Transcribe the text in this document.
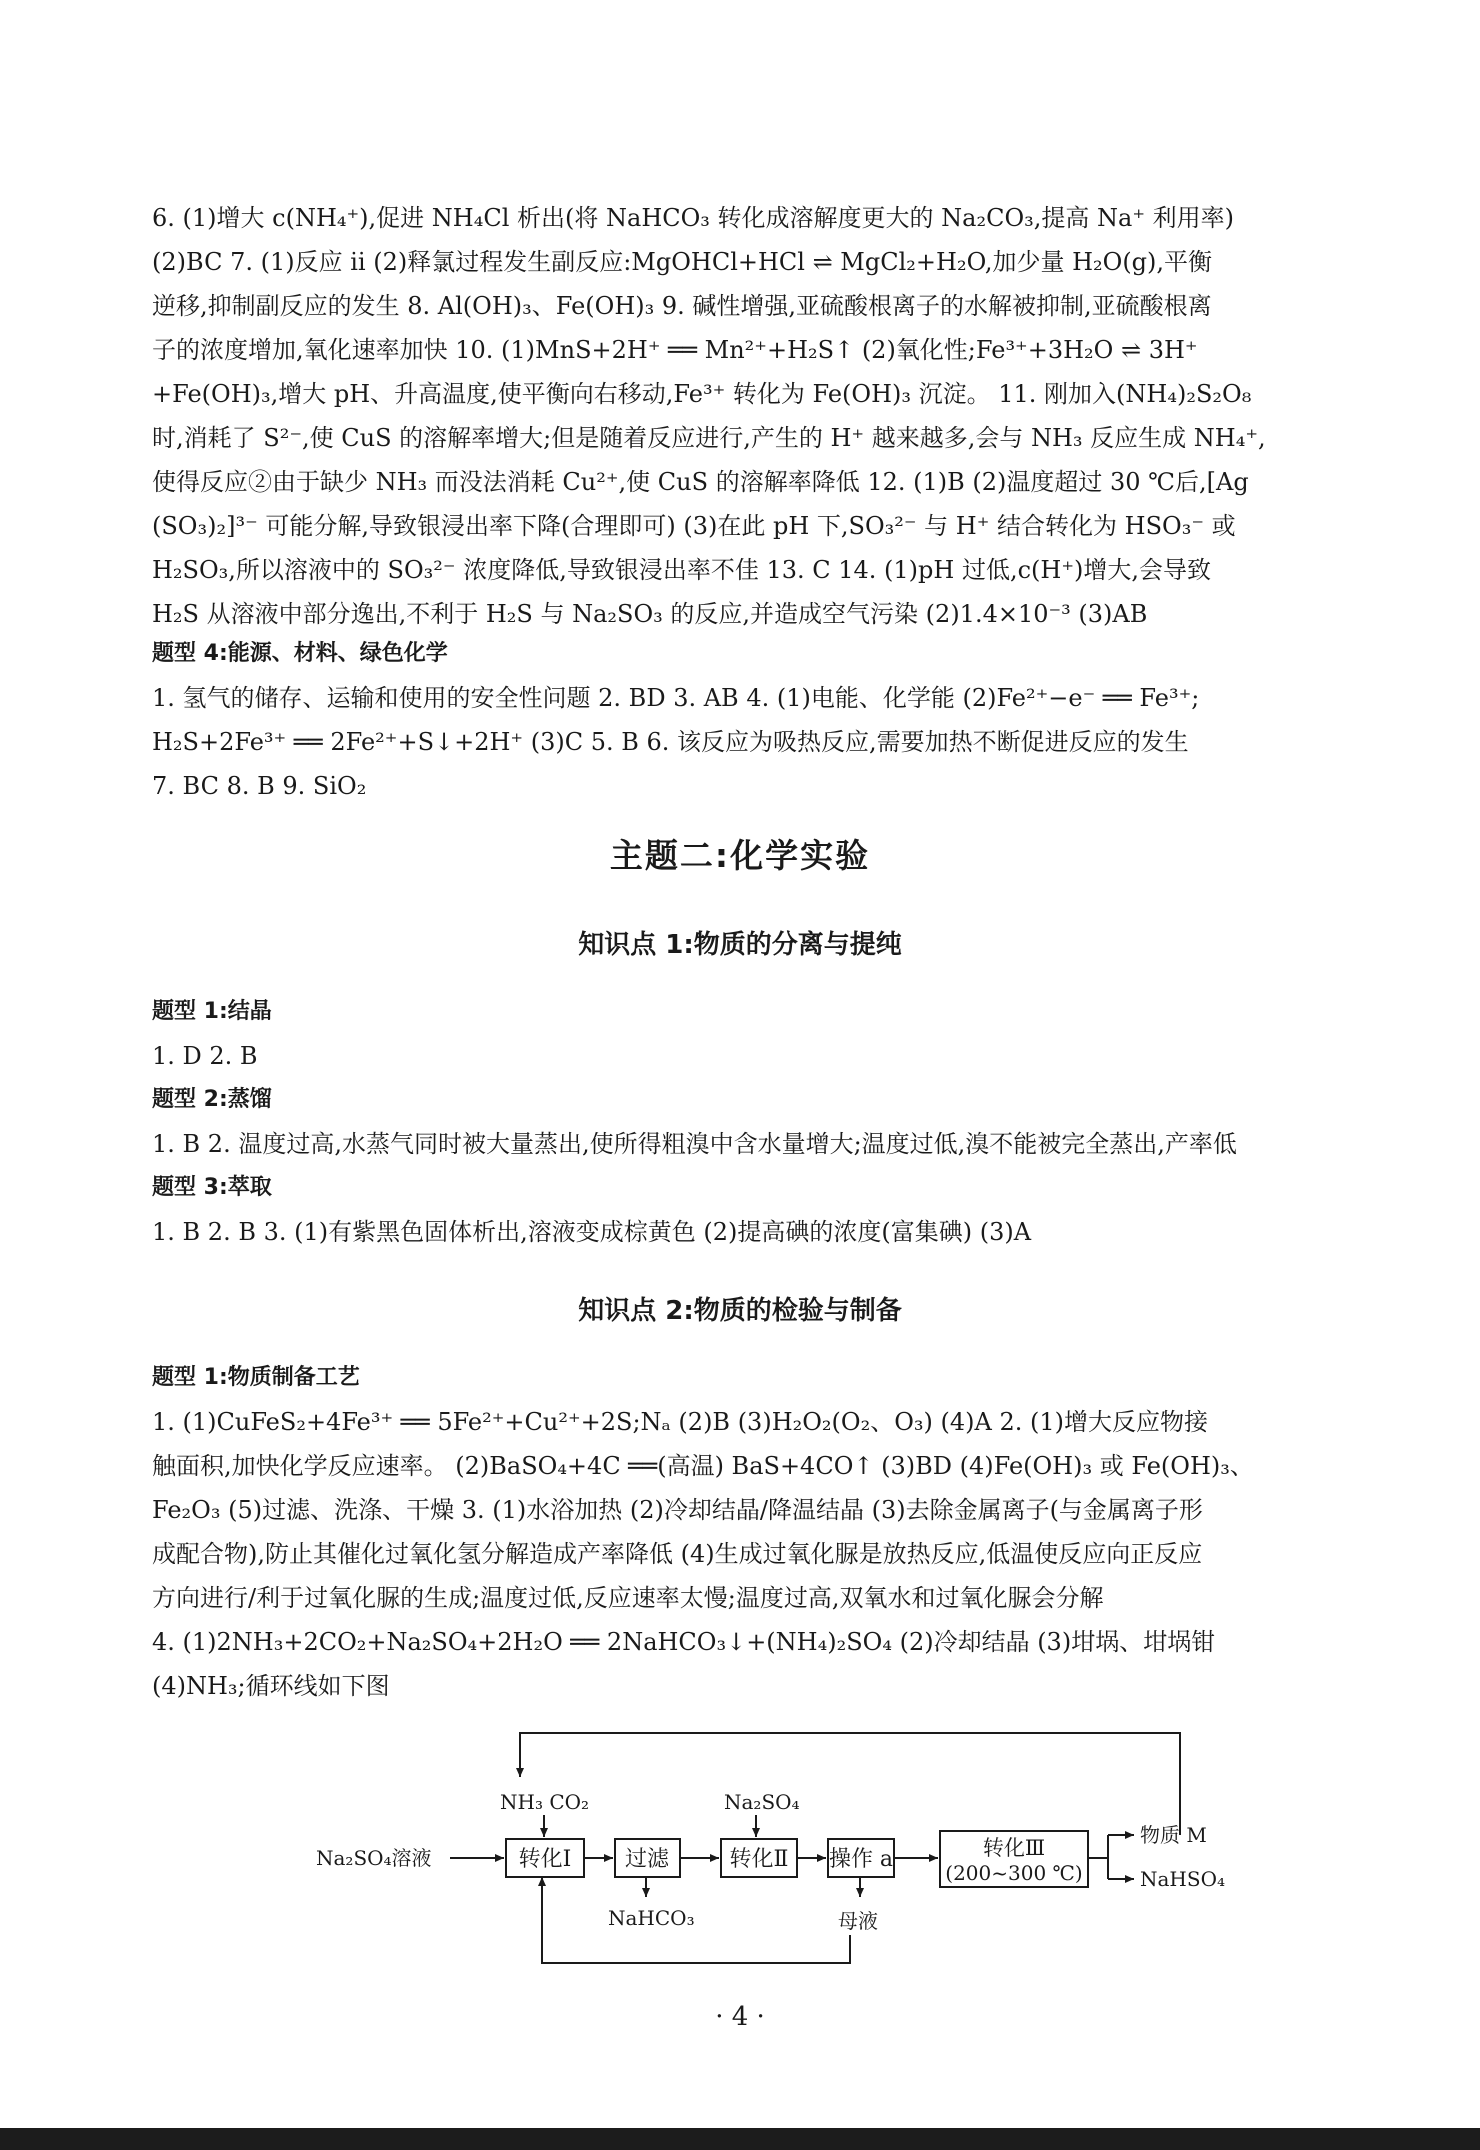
6. (1)增大 c(NH₄⁺),促进 NH₄Cl 析出(将 NaHCO₃ 转化成溶解度更大的 Na₂CO₃,提高 Na⁺ 利用率)
(2)BC 7. (1)反应 ⅱ (2)释氯过程发生副反应:MgOHCl+HCl ⇌ MgCl₂+H₂O,加少量 H₂O(g),平衡
逆移,抑制副反应的发生 8. Al(OH)₃、Fe(OH)₃ 9. 碱性增强,亚硫酸根离子的水解被抑制,亚硫酸根离
子的浓度增加,氧化速率加快 10. (1)MnS+2H⁺ ══ Mn²⁺+H₂S↑ (2)氧化性;Fe³⁺+3H₂O ⇌ 3H⁺
+Fe(OH)₃,增大 pH、升高温度,使平衡向右移动,Fe³⁺ 转化为 Fe(OH)₃ 沉淀。 11. 刚加入(NH₄)₂S₂O₈
时,消耗了 S²⁻,使 CuS 的溶解率增大;但是随着反应进行,产生的 H⁺ 越来越多,会与 NH₃ 反应生成 NH₄⁺,
使得反应②由于缺少 NH₃ 而没法消耗 Cu²⁺,使 CuS 的溶解率降低 12. (1)B (2)温度超过 30 ℃后,[Ag
(SO₃)₂]³⁻ 可能分解,导致银浸出率下降(合理即可) (3)在此 pH 下,SO₃²⁻ 与 H⁺ 结合转化为 HSO₃⁻ 或
H₂SO₃,所以溶液中的 SO₃²⁻ 浓度降低,导致银浸出率不佳 13. C 14. (1)pH 过低,c(H⁺)增大,会导致
H₂S 从溶液中部分逸出,不利于 H₂S 与 Na₂SO₃ 的反应,并造成空气污染 (2)1.4×10⁻³ (3)AB
题型 4:能源、材料、绿色化学
1. 氢气的储存、运输和使用的安全性问题 2. BD 3. AB 4. (1)电能、化学能 (2)Fe²⁺−e⁻ ══ Fe³⁺;
H₂S+2Fe³⁺ ══ 2Fe²⁺+S↓+2H⁺ (3)C 5. B 6. 该反应为吸热反应,需要加热不断促进反应的发生
7. BC 8. B 9. SiO₂
主题二:化学实验
知识点 1:物质的分离与提纯
题型 1:结晶
1. D 2. B
题型 2:蒸馏
1. B 2. 温度过高,水蒸气同时被大量蒸出,使所得粗溴中含水量增大;温度过低,溴不能被完全蒸出,产率低
题型 3:萃取
1. B 2. B 3. (1)有紫黑色固体析出,溶液变成棕黄色 (2)提高碘的浓度(富集碘) (3)A
知识点 2:物质的检验与制备
题型 1:物质制备工艺
1. (1)CuFeS₂+4Fe³⁺ ══ 5Fe²⁺+Cu²⁺+2S;Nₐ (2)B (3)H₂O₂(O₂、O₃) (4)A 2. (1)增大反应物接
触面积,加快化学反应速率。 (2)BaSO₄+4C ══(高温) BaS+4CO↑ (3)BD (4)Fe(OH)₃ 或 Fe(OH)₃、
Fe₂O₃ (5)过滤、洗涤、干燥 3. (1)水浴加热 (2)冷却结晶/降温结晶 (3)去除金属离子(与金属离子形
成配合物),防止其催化过氧化氢分解造成产率降低 (4)生成过氧化脲是放热反应,低温使反应向正反应
方向进行/利于过氧化脲的生成;温度过低,反应速率太慢;温度过高,双氧水和过氧化脲会分解
4. (1)2NH₃+2CO₂+Na₂SO₄+2H₂O ══ 2NaHCO₃↓+(NH₄)₂SO₄ (2)冷却结晶 (3)坩埚、坩埚钳
(4)NH₃;循环线如下图
Na₂SO₄溶液
NH₃ CO₂	Na₂SO₄
转化Ⅰ 过滤	转化Ⅱ 操作 a	转化Ⅲ
(200~300 ℃)
NaHCO₃	母液
物质 M
NaHSO₄
· 4 ·
